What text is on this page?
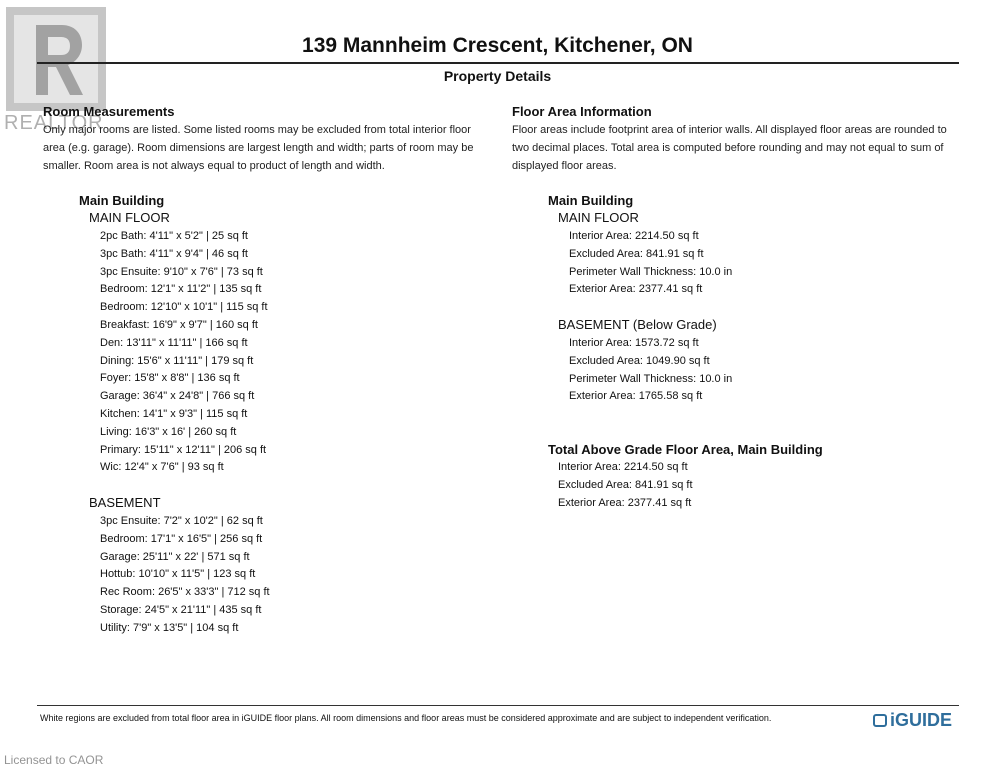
REALTOR
139 Mannheim Crescent, Kitchener, ON
Property Details
Room Measurements
Only major rooms are listed. Some listed rooms may be excluded from total interior floor area (e.g. garage). Room dimensions are largest length and width; parts of room may be smaller. Room area is not always equal to product of length and width.
Main Building
MAIN FLOOR
2pc Bath: 4'11" x 5'2" | 25 sq ft
3pc Bath: 4'11" x 9'4" | 46 sq ft
3pc Ensuite: 9'10" x 7'6" | 73 sq ft
Bedroom: 12'1" x 11'2" | 135 sq ft
Bedroom: 12'10" x 10'1" | 115 sq ft
Breakfast: 16'9" x 9'7" | 160 sq ft
Den: 13'11" x 11'11" | 166 sq ft
Dining: 15'6" x 11'11" | 179 sq ft
Foyer: 15'8" x 8'8" | 136 sq ft
Garage: 36'4" x 24'8" | 766 sq ft
Kitchen: 14'1" x 9'3" | 115 sq ft
Living: 16'3" x 16' | 260 sq ft
Primary: 15'11" x 12'11" | 206 sq ft
Wic: 12'4" x 7'6" | 93 sq ft
BASEMENT
3pc Ensuite: 7'2" x 10'2" | 62 sq ft
Bedroom: 17'1" x 16'5" | 256 sq ft
Garage: 25'11" x 22' | 571 sq ft
Hottub: 10'10" x 11'5" | 123 sq ft
Rec Room: 26'5" x 33'3" | 712 sq ft
Storage: 24'5" x 21'11" | 435 sq ft
Utility: 7'9" x 13'5" | 104 sq ft
Floor Area Information
Floor areas include footprint area of interior walls. All displayed floor areas are rounded to two decimal places. Total area is computed before rounding and may not equal to sum of displayed floor areas.
Main Building
MAIN FLOOR
Interior Area: 2214.50 sq ft
Excluded Area: 841.91 sq ft
Perimeter Wall Thickness: 10.0 in
Exterior Area: 2377.41 sq ft
BASEMENT (Below Grade)
Interior Area: 1573.72 sq ft
Excluded Area: 1049.90 sq ft
Perimeter Wall Thickness: 10.0 in
Exterior Area: 1765.58 sq ft
Total Above Grade Floor Area, Main Building
Interior Area: 2214.50 sq ft
Excluded Area: 841.91 sq ft
Exterior Area: 2377.41 sq ft
White regions are excluded from total floor area in iGUIDE floor plans. All room dimensions and floor areas must be considered approximate and are subject to independent verification.	iGUIDE
Licensed to CAOR
